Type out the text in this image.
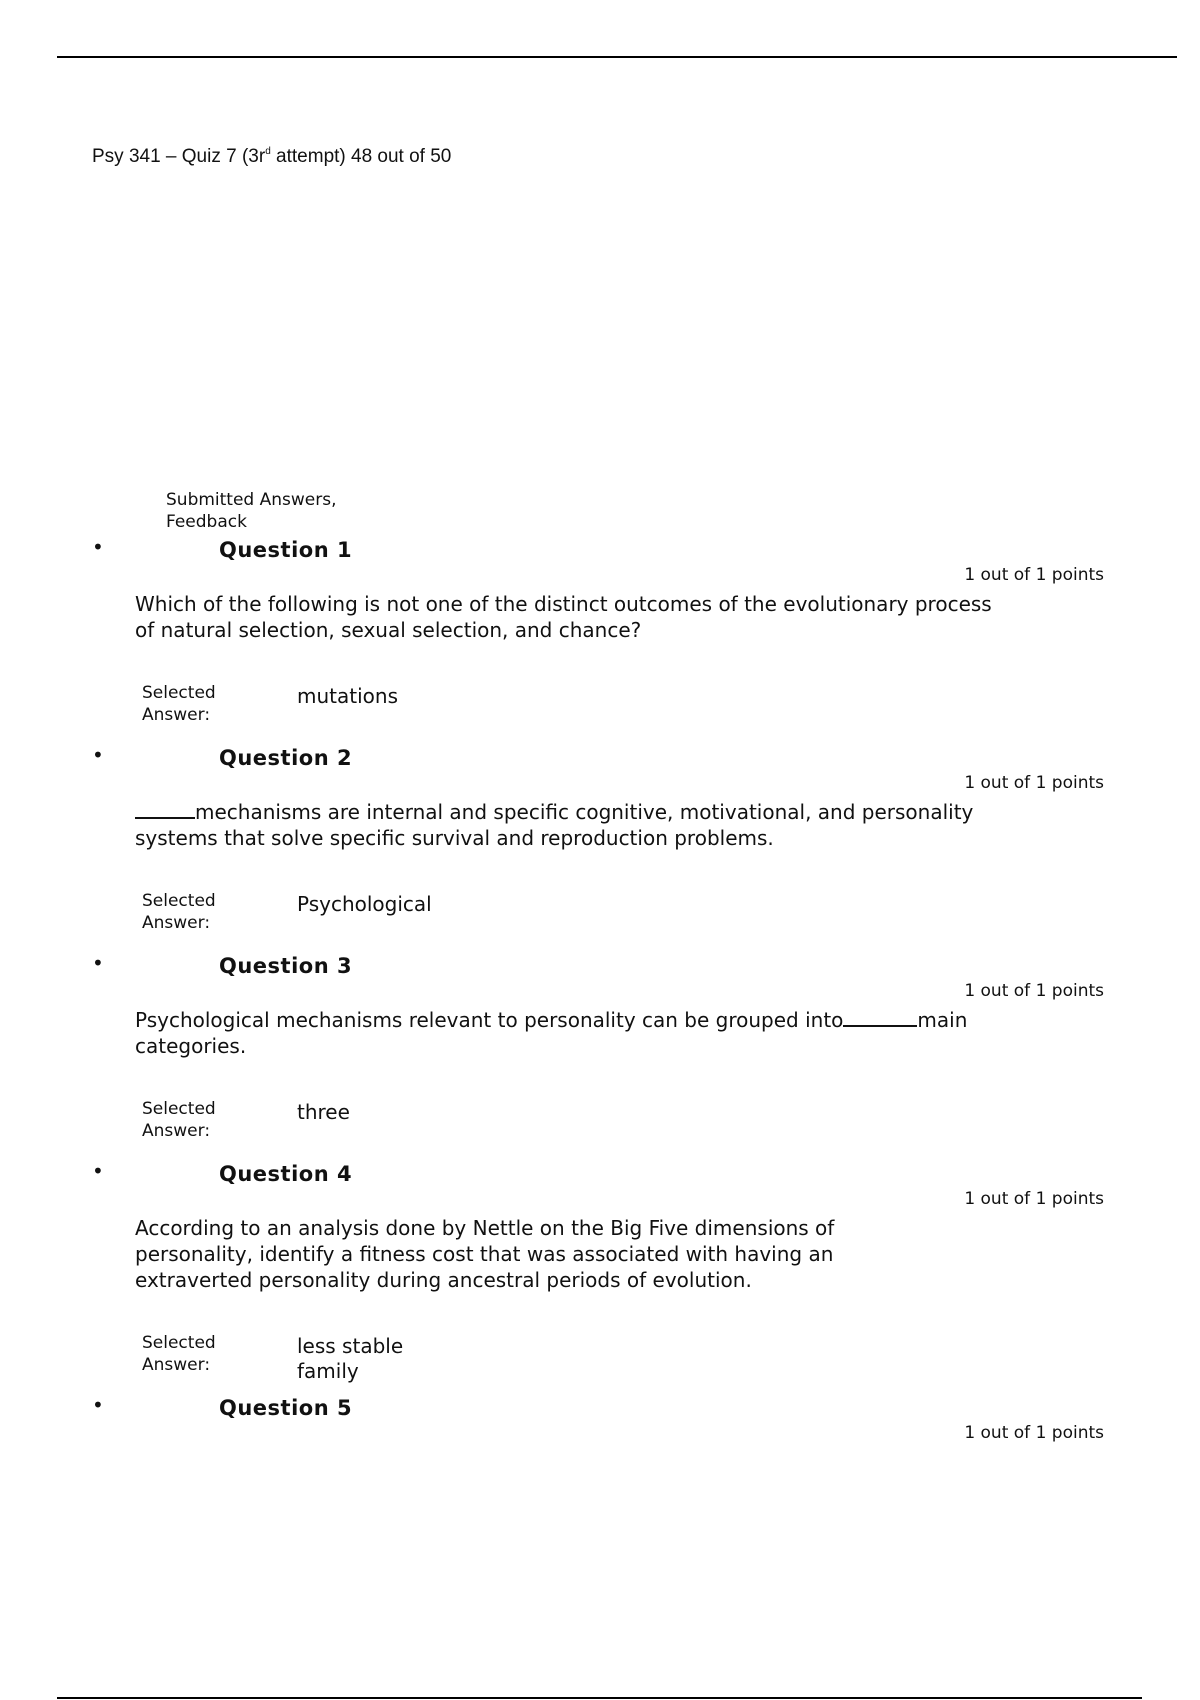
Psy 341 – Quiz 7 ($3r^d$ attempt) 48 out of 50
Submitted Answers, Feedback
•	Question 1
1 out of 1 points
Which of the following is not one of the distinct outcomes of the evolutionary process of natural selection, sexual selection, and chance?
Selected Answer:
mutations
•	Question 2
1 out of 1 points
mechanisms are internal and specific cognitive, motivational, and personality systems that solve specific survival and reproduction problems.
Selected Answer:
Psychological
•	Question 3
1 out of 1 points
Psychological mechanisms relevant to personality can be grouped into	main categories.
Selected Answer:
three
•	Question 4
1 out of 1 points
According to an analysis done by Nettle on the Big Five dimensions of personality, identify a fitness cost that was associated with having an extraverted personality during ancestral periods of evolution.
Selected Answer:
less stable family
•	Question 5
1 out of 1 points
